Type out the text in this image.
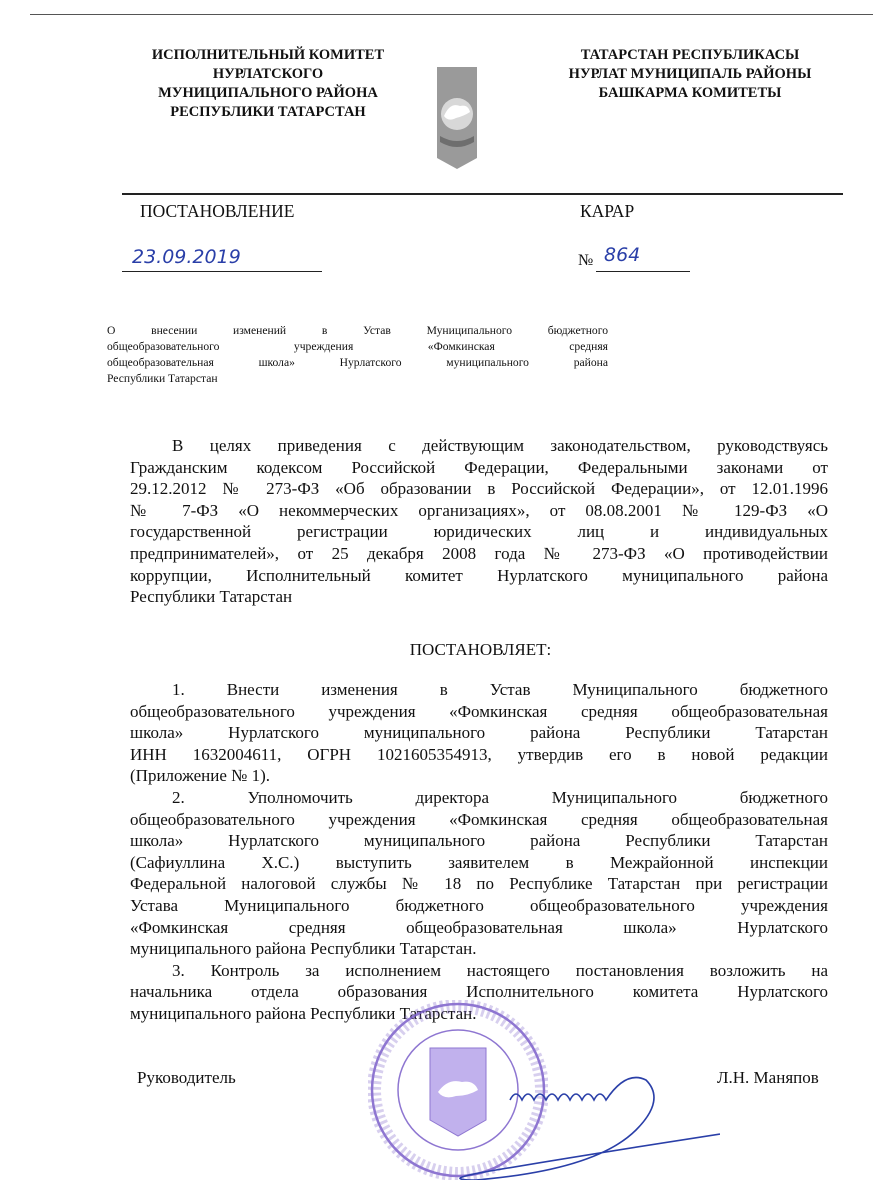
ИСПОЛНИТЕЛЬНЫЙ КОМИТЕТ
НУРЛАТСКОГО
МУНИЦИПАЛЬНОГО РАЙОНА
РЕСПУБЛИКИ ТАТАРСТАН
ТАТАРСТАН РЕСПУБЛИКАСЫ
НУРЛАТ МУНИЦИПАЛЬ РАЙОНЫ
БАШКАРМА КОМИТЕТЫ
ПОСТАНОВЛЕНИЕ	КАРАР
23.09.2019	№ 864
О внесении изменений в Устав Муниципального бюджетного
общеобразовательного учреждения «Фомкинская средняя
общеобразовательная школа» Нурлатского муниципального района
Республики Татарстан
В целях приведения с действующим законодательством, руководствуясь
Гражданским кодексом Российской Федерации, Федеральными законами от
29.12.2012 № 273-ФЗ «Об образовании в Российской Федерации», от 12.01.1996
№ 7-ФЗ «О некоммерческих организациях», от 08.08.2001 № 129-ФЗ «О
государственной регистрации юридических лиц и индивидуальных
предпринимателей», от 25 декабря 2008 года № 273-ФЗ «О противодействии
коррупции, Исполнительный комитет Нурлатского муниципального района
Республики Татарстан
ПОСТАНОВЛЯЕТ:
1. Внести изменения в Устав Муниципального бюджетного
общеобразовательного учреждения «Фомкинская средняя общеобразовательная
школа» Нурлатского муниципального района Республики Татарстан
ИНН 1632004611, ОГРН 1021605354913, утвердив его в новой редакции
(Приложение № 1).
2. Уполномочить директора Муниципального бюджетного
общеобразовательного учреждения «Фомкинская средняя общеобразовательная
школа» Нурлатского муниципального района Республики Татарстан
(Сафиуллина Х.С.) выступить заявителем в Межрайонной инспекции
Федеральной налоговой службы № 18 по Республике Татарстан при регистрации
Устава Муниципального бюджетного общеобразовательного учреждения
«Фомкинская средняя общеобразовательная школа» Нурлатского
муниципального района Республики Татарстан.
3. Контроль за исполнением настоящего постановления возложить на
начальника отдела образования Исполнительного комитета Нурлатского
муниципального района Республики Татарстан.
Руководитель	Л.Н. Маняпов
